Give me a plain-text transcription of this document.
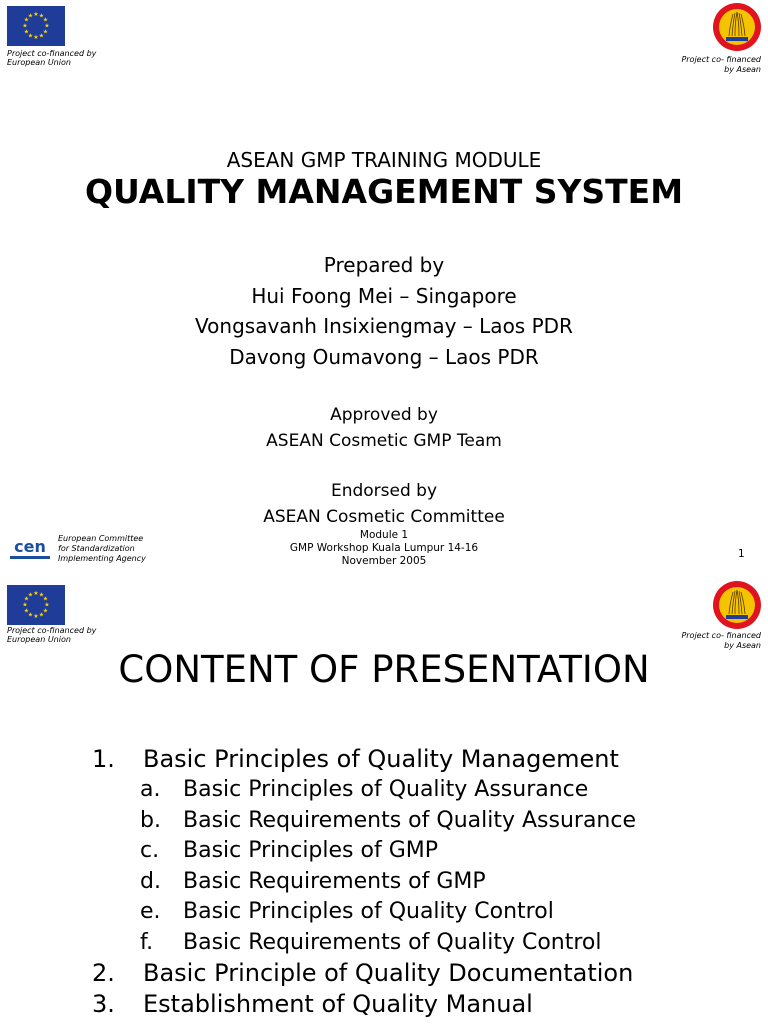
★ ★
★
★
★
★
★
★
★
★
★
★
Project co-financed by
European Union	Project co- financed
by Asean
ASEAN GMP TRAINING MODULE
QUALITY MANAGEMENT SYSTEM
Prepared by
Hui Foong Mei – Singapore
Vongsavanh Insixiengmay – Laos PDR
Davong Oumavong – Laos PDR
Approved by
ASEAN Cosmetic GMP Team
Endorsed by
ASEAN Cosmetic Committee
cen European Committee
for Standardization
Implementing Agency
Module 1
GMP Workshop Kuala Lumpur 14-16
November 2005
1
★ ★
★
★
★
★
★
★
★
★
★
★
Project co-financed by
European Union	Project co- financed
by Asean
CONTENT OF PRESENTATION
1.	Basic Principles of Quality Management
a.	Basic Principles of Quality Assurance
b.	Basic Requirements of Quality Assurance
c.	Basic Principles of GMP
d.	Basic Requirements of GMP
e.	Basic Principles of Quality Control
f.	Basic Requirements of Quality Control
2.	Basic Principle of Quality Documentation
3.	Establishment of Quality Manual
